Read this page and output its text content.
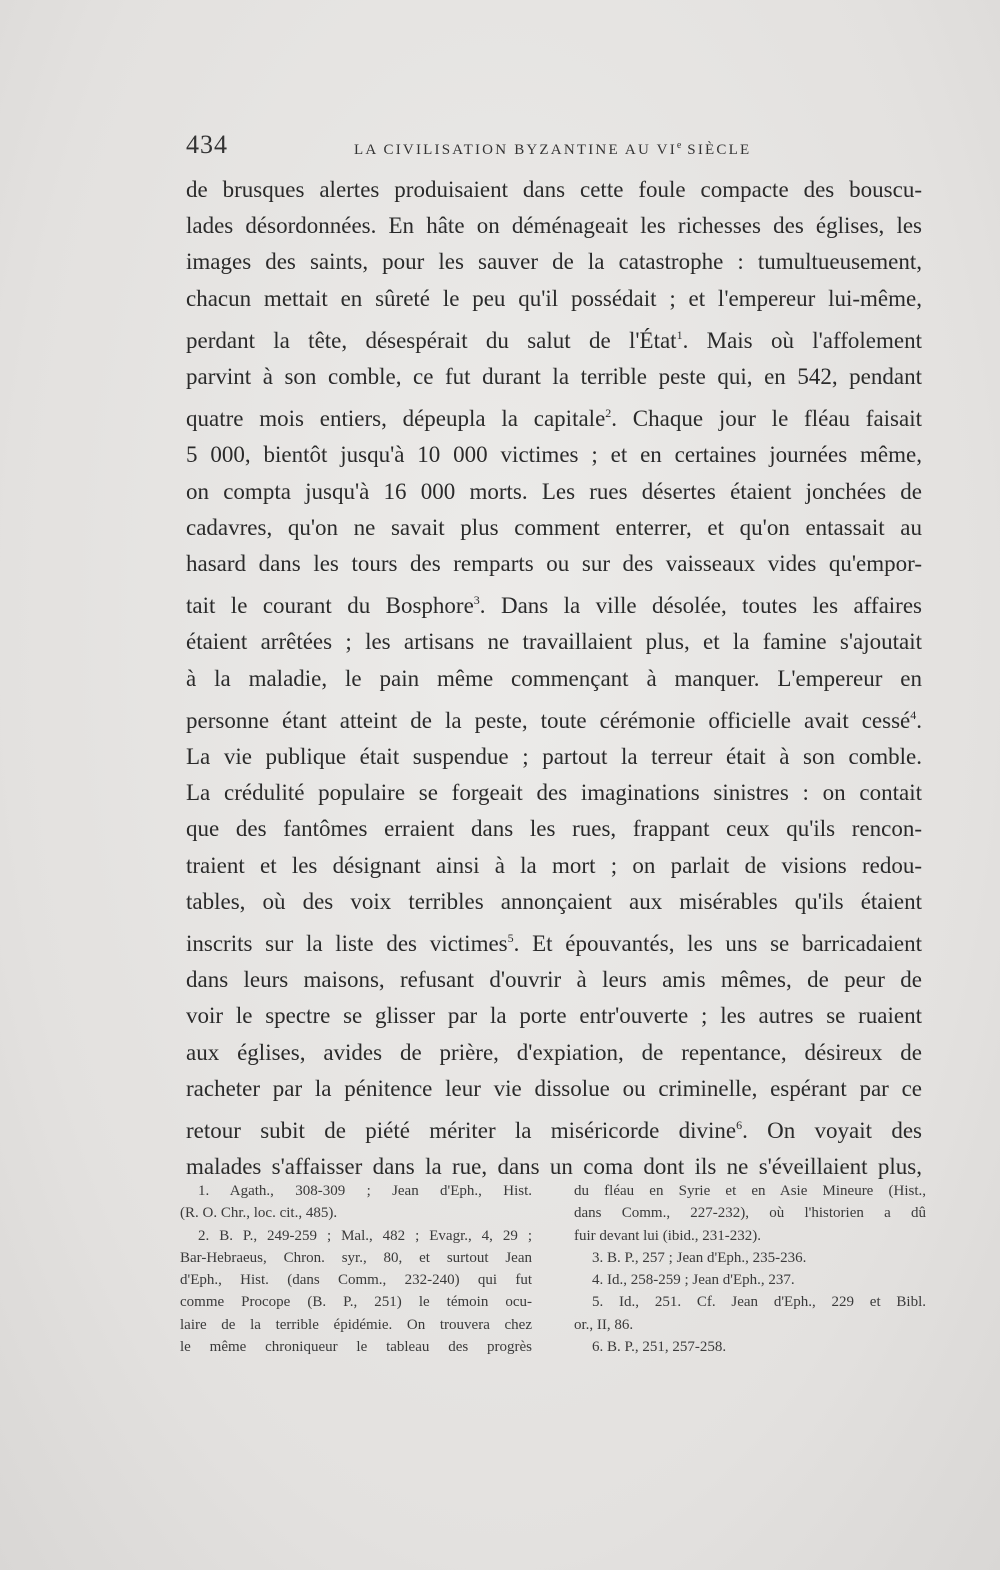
434	LA CIVILISATION BYZANTINE AU VIe SIÈCLE
de brusques alertes produisaient dans cette foule compacte des bouscu-
lades désordonnées. En hâte on déménageait les richesses des églises, les
images des saints, pour les sauver de la catastrophe : tumultueusement,
chacun mettait en sûreté le peu qu'il possédait ; et l'empereur lui-même,
perdant la tête, désespérait du salut de l'État$^1$. Mais où l'affolement
parvint à son comble, ce fut durant la terrible peste qui, en 542, pendant
quatre mois entiers, dépeupla la capitale$^2$. Chaque jour le fléau faisait
5 000, bientôt jusqu'à 10 000 victimes ; et en certaines journées même,
on compta jusqu'à 16 000 morts. Les rues désertes étaient jonchées de
cadavres, qu'on ne savait plus comment enterrer, et qu'on entassait au
hasard dans les tours des remparts ou sur des vaisseaux vides qu'empor-
tait le courant du Bosphore$^3$. Dans la ville désolée, toutes les affaires
étaient arrêtées ; les artisans ne travaillaient plus, et la famine s'ajoutait
à la maladie, le pain même commençant à manquer. L'empereur en
personne étant atteint de la peste, toute cérémonie officielle avait cessé$^4$.
La vie publique était suspendue ; partout la terreur était à son comble.
La crédulité populaire se forgeait des imaginations sinistres : on contait
que des fantômes erraient dans les rues, frappant ceux qu'ils rencon-
traient et les désignant ainsi à la mort ; on parlait de visions redou-
tables, où des voix terribles annonçaient aux misérables qu'ils étaient
inscrits sur la liste des victimes$^5$. Et épouvantés, les uns se barricadaient
dans leurs maisons, refusant d'ouvrir à leurs amis mêmes, de peur de
voir le spectre se glisser par la porte entr'ouverte ; les autres se ruaient
aux églises, avides de prière, d'expiation, de repentance, désireux de
racheter par la pénitence leur vie dissolue ou criminelle, espérant par ce
retour subit de piété mériter la miséricorde divine$^6$. On voyait des
malades s'affaisser dans la rue, dans un coma dont ils ne s'éveillaient plus,
1. Agath., 308-309 ; Jean d'Eph., Hist.
(R. O. Chr., loc. cit., 485).
2. B. P., 249-259 ; Mal., 482 ; Evagr., 4, 29 ;
Bar-Hebraeus, Chron. syr., 80, et surtout Jean
d'Eph., Hist. (dans Comm., 232-240) qui fut
comme Procope (B. P., 251) le témoin ocu-
laire de la terrible épidémie. On trouvera chez
le même chroniqueur le tableau des progrès
du fléau en Syrie et en Asie Mineure (Hist.,
dans Comm., 227-232), où l'historien a dû
fuir devant lui (ibid., 231-232).
3. B. P., 257 ; Jean d'Eph., 235-236.
4. Id., 258-259 ; Jean d'Eph., 237.
5. Id., 251. Cf. Jean d'Eph., 229 et Bibl.
or., II, 86.
6. B. P., 251, 257-258.
